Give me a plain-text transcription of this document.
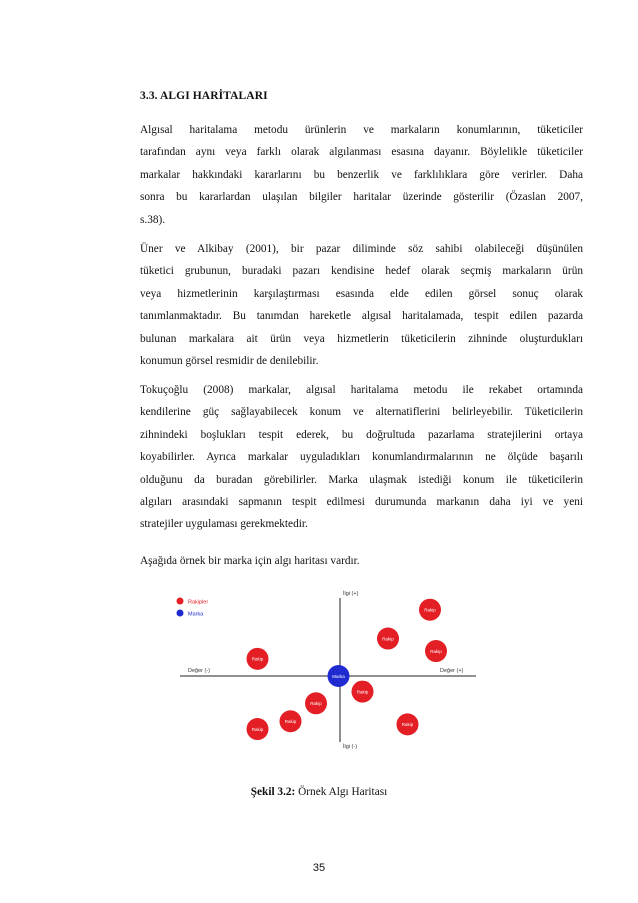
3.3. ALGI HARİTALARI
Algısal haritalama metodu ürünlerin ve markaların konumlarının, tüketiciler
tarafından aynı veya farklı olarak algılanması esasına dayanır. Böylelikle tüketiciler
markalar hakkındaki kararlarını bu benzerlik ve farklılıklara göre verirler. Daha
sonra bu kararlardan ulaşılan bilgiler haritalar üzerinde gösterilir (Özaslan 2007,
s.38).
Üner ve Alkibay (2001), bir pazar diliminde söz sahibi olabileceği düşünülen
tüketici grubunun, buradaki pazarı kendisine hedef olarak seçmiş markaların ürün
veya hizmetlerinin karşılaştırması esasında elde edilen görsel sonuç olarak
tanımlanmaktadır. Bu tanımdan hareketle algısal haritalamada, tespit edilen pazarda
bulunan markalara ait ürün veya hizmetlerin tüketicilerin zihninde oluşturdukları
konumun görsel resmidir de denilebilir.
Tokuçoğlu (2008) markalar, algısal haritalama metodu ile rekabet ortamında
kendilerine güç sağlayabilecek konum ve alternatiflerini belirleyebilir. Tüketicilerin
zihnindeki boşlukları tespit ederek, bu doğrultuda pazarlama stratejilerini ortaya
koyabilirler. Ayrıca markalar uyguladıkları konumlandırmalarının ne ölçüde başarılı
olduğunu da buradan görebilirler. Marka ulaşmak istediği konum ile tüketicilerin
algıları arasındaki sapmanın tespit edilmesi durumunda markanın daha iyi ve yeni
stratejiler uygulaması gerekmektedir.
Aşağıda örnek bir marka için algı haritası vardır.
Rakipler
Marka
İlgi (+)
İlgi (-)
Değer (-)	Değer (+)
Rakip
Rakip
Rakip
Rakip
Rakip
Rakip
Rakip
Rakip
Rakip
Marka
Şekil 3.2: Örnek Algı Haritası
35
